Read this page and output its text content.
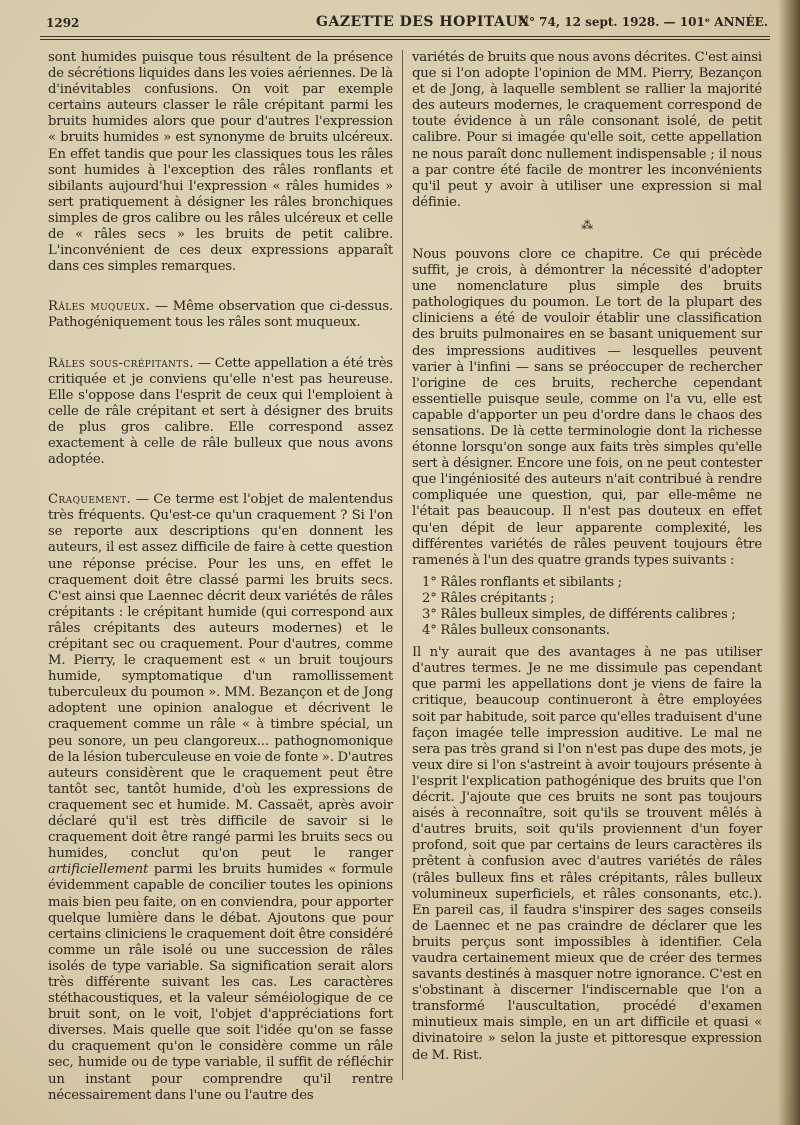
1292	GAZETTE DES HOPITAUX
N° 74, 12 sept. 1928. — 101ᵉ ANNÉE.

sont humides puisque tous résultent de la présence de sécrétions liquides dans les voies aériennes. De là d'inévitables confusions. On voit par exemple certains auteurs classer le râle crépitant parmi les bruits humides alors que pour d'autres l'expression « bruits humides » est synonyme de bruits ulcéreux. En effet tandis que pour les classiques tous les râles sont humides à l'exception des râles ronflants et sibilants aujourd'hui l'expression « râles humides » sert pratiquement à désigner les râles bronchiques simples de gros calibre ou les râles ulcéreux et celle de « râles secs » les bruits de petit calibre. L'inconvénient de ces deux expressions apparaît dans ces simples remarques.

Râles muqueux. — Même observation que ci-dessus. Pathogéniquement tous les râles sont muqueux.

Râles sous-crépitants. — Cette appellation a été très critiquée et je conviens qu'elle n'est pas heureuse. Elle s'oppose dans l'esprit de ceux qui l'emploient à celle de râle crépitant et sert à désigner des bruits de plus gros calibre. Elle correspond assez exactement à celle de râle bulleux que nous avons adoptée.

Craquement. — Ce terme est l'objet de malentendus très fréquents. Qu'est-ce qu'un craquement ? Si l'on se reporte aux descriptions qu'en donnent les auteurs, il est assez difficile de faire à cette question une réponse précise. Pour les uns, en effet le craquement doit être classé parmi les bruits secs. C'est ainsi que Laennec décrit deux variétés de râles crépitants : le crépitant humide (qui correspond aux râles crépitants des auteurs modernes) et le crépitant sec ou craquement. Pour d'autres, comme M. Pierry, le craquement est « un bruit toujours humide, symptomatique d'un ramollissement tuberculeux du poumon ». MM. Bezançon et de Jong adoptent une opinion analogue et décrivent le craquement comme un râle « à timbre spécial, un peu sonore, un peu clangoreux... pathognomonique de la lésion tuberculeuse en voie de fonte ». D'autres auteurs considèrent que le craquement peut être tantôt sec, tantôt humide, d'où les expressions de craquement sec et humide. M. Cassaët, après avoir déclaré qu'il est très difficile de savoir si le craquement doit être rangé parmi les bruits secs ou humides, conclut qu'on peut le ranger artificiellement parmi les bruits humides « formule évidemment capable de concilier toutes les opinions mais bien peu faite, on en conviendra, pour apporter quelque lumière dans le débat. Ajoutons que pour certains cliniciens le craquement doit être considéré comme un râle isolé ou une succession de râles isolés de type variable. Sa signification serait alors très différente suivant les cas. Les caractères stéthacoustiques, et la valeur séméiologique de ce bruit sont, on le voit, l'objet d'appréciations fort diverses. Mais quelle que soit l'idée qu'on se fasse du craquement qu'on le considère comme un râle sec, humide ou de type variable, il suffit de réfléchir un instant pour comprendre qu'il rentre nécessairement dans l'une ou l'autre des

variétés de bruits que nous avons décrites. C'est ainsi que si l'on adopte l'opinion de MM. Pierry, Bezançon et de Jong, à laquelle semblent se rallier la majorité des auteurs modernes, le craquement correspond de toute évidence à un râle consonant isolé, de petit calibre. Pour si imagée qu'elle soit, cette appellation ne nous paraît donc nullement indispensable ; il nous a par contre été facile de montrer les inconvénients qu'il peut y avoir à utiliser une expression si mal définie.

⁂

Nous pouvons clore ce chapitre. Ce qui précède suffit, je crois, à démontrer la nécessité d'adopter une nomenclature plus simple des bruits pathologiques du poumon. Le tort de la plupart des cliniciens a été de vouloir établir une classification des bruits pulmonaires en se basant uniquement sur des impressions auditives — lesquelles peuvent varier à l'infini — sans se préoccuper de rechercher l'origine de ces bruits, recherche cependant essentielle puisque seule, comme on l'a vu, elle est capable d'apporter un peu d'ordre dans le chaos des sensations. De là cette terminologie dont la richesse étonne lorsqu'on songe aux faits très simples qu'elle sert à désigner. Encore une fois, on ne peut contester que l'ingéniosité des auteurs n'ait contribué à rendre compliquée une question, qui, par elle-même ne l'était pas beaucoup. Il n'est pas douteux en effet qu'en dépit de leur apparente complexité, les différentes variétés de râles peuvent toujours être ramenés à l'un des quatre grands types suivants :

1° Râles ronflants et sibilants ;
2° Râles crépitants ;
3° Râles bulleux simples, de différents calibres ;
4° Râles bulleux consonants.

Il n'y aurait que des avantages à ne pas utiliser d'autres termes. Je ne me dissimule pas cependant que parmi les appellations dont je viens de faire la critique, beaucoup continueront à être employées soit par habitude, soit parce qu'elles traduisent d'une façon imagée telle impression auditive. Le mal ne sera pas très grand si l'on n'est pas dupe des mots, je veux dire si l'on s'astreint à avoir toujours présente à l'esprit l'explication pathogénique des bruits que l'on décrit. J'ajoute que ces bruits ne sont pas toujours aisés à reconnaître, soit qu'ils se trouvent mêlés à d'autres bruits, soit qu'ils proviennent d'un foyer profond, soit que par certains de leurs caractères ils prêtent à confusion avec d'autres variétés de râles (râles bulleux fins et râles crépitants, râles bulleux volumineux superficiels, et râles consonants, etc.). En pareil cas, il faudra s'inspirer des sages conseils de Laennec et ne pas craindre de déclarer que les bruits perçus sont impossibles à identifier. Cela vaudra certainement mieux que de créer des termes savants destinés à masquer notre ignorance. C'est en s'obstinant à discerner l'indiscernable que l'on a transformé l'auscultation, procédé d'examen minutieux mais simple, en un art difficile et quasi « divinatoire » selon la juste et pittoresque expression de M. Rist.
